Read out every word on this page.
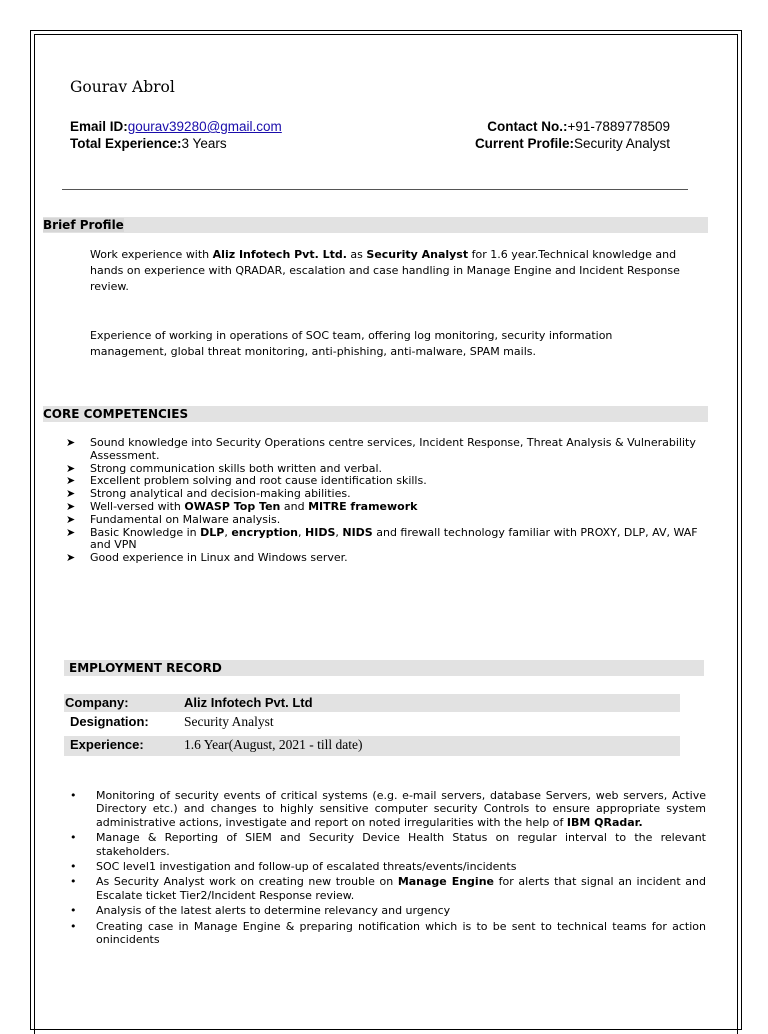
Gourav Abrol
Email ID:gourav39280@gmail.com	Contact No.:+91-7889778509
Total Experience:3 Years	Current Profile:Security Analyst
Brief Profile
Work experience with Aliz Infotech Pvt. Ltd. as Security Analyst for 1.6 year.Technical knowledge and hands on experience with QRADAR, escalation and case handling in Manage Engine and Incident Response review.
Experience of working in operations of SOC team, offering log monitoring, security information management, global threat monitoring, anti-phishing, anti-malware, SPAM mails.
CORE COMPETENCIES
➤ Sound knowledge into Security Operations centre services, Incident Response, Threat Analysis & Vulnerability Assessment.
➤ Strong communication skills both written and verbal.
➤ Excellent problem solving and root cause identification skills.
➤ Strong analytical and decision-making abilities.
➤ Well-versed with OWASP Top Ten and MITRE framework
➤ Fundamental on Malware analysis.
➤ Basic Knowledge in DLP, encryption, HIDS, NIDS and firewall technology familiar with PROXY, DLP, AV, WAF and VPN
➤ Good experience in Linux and Windows server.
EMPLOYMENT RECORD
Company:	Aliz Infotech Pvt. Ltd
Designation:	Security Analyst
Experience:	1.6 Year(August, 2021 - till date)
• Monitoring of security events of critical systems (e.g. e-mail servers, database Servers, web servers, Active Directory etc.) and changes to highly sensitive computer security Controls to ensure appropriate system administrative actions, investigate and report on noted irregularities with the help of IBM QRadar.
• Manage & Reporting of SIEM and Security Device Health Status on regular interval to the relevant stakeholders.
• SOC level1 investigation and follow-up of escalated threats/events/incidents
• As Security Analyst work on creating new trouble on Manage Engine for alerts that signal an incident and Escalate ticket Tier2/Incident Response review.
• Analysis of the latest alerts to determine relevancy and urgency
• Creating case in Manage Engine & preparing notification which is to be sent to technical teams for action onincidents
